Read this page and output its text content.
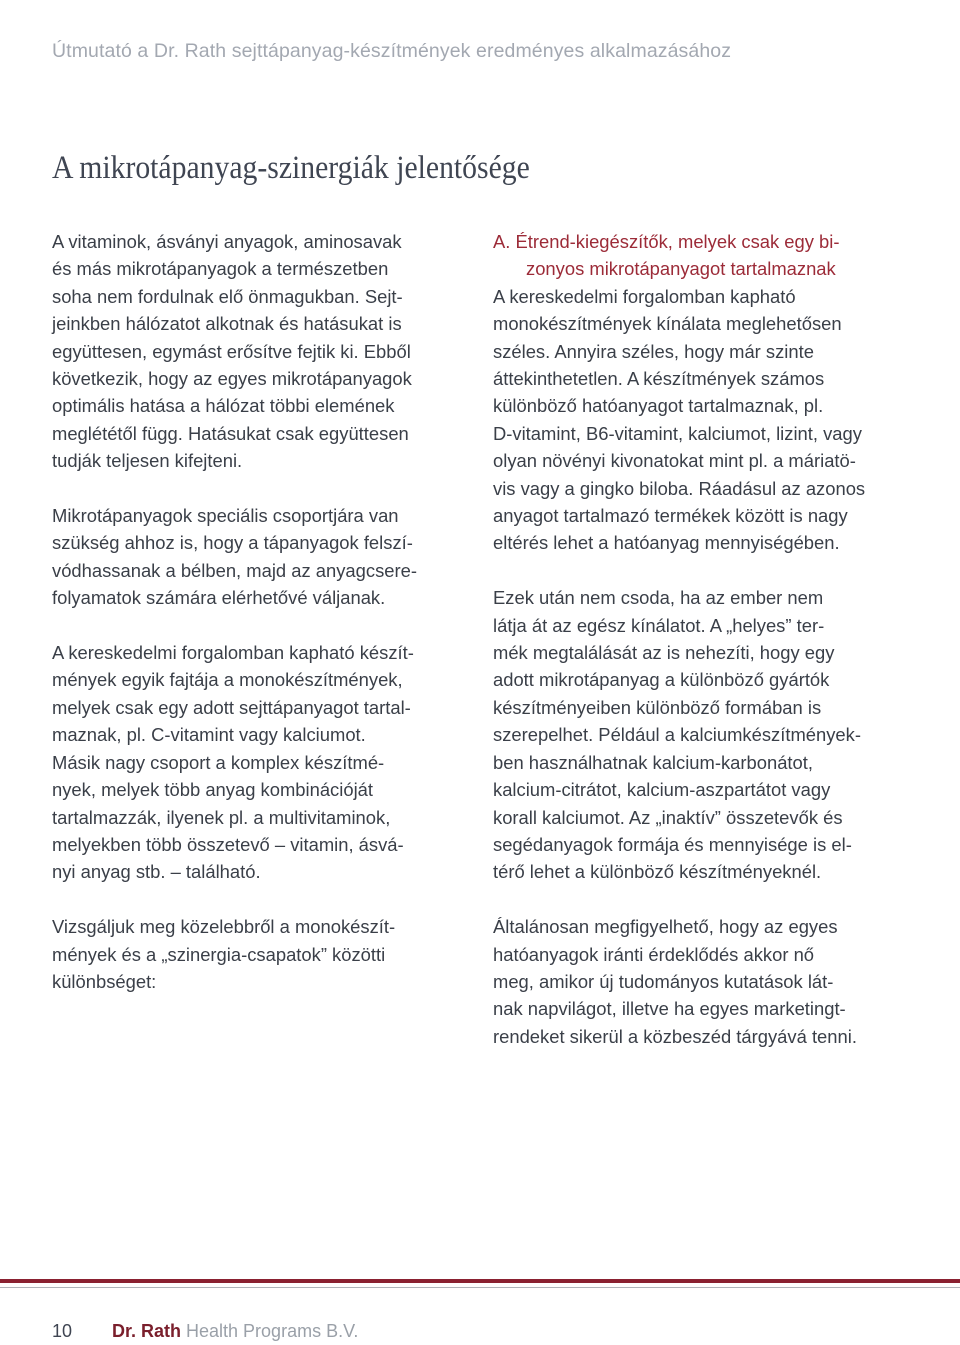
Útmutató a Dr. Rath sejttápanyag-készítmények eredményes alkalmazásához
A mikrotápanyag-szinergiák jelentősége

A vitaminok, ásványi anyagok, aminosavak
és más mikrotápanyagok a természetben
soha nem fordulnak elő önmagukban. Sejt-
jeinkben hálózatot alkotnak és hatásukat is
együttesen, egymást erősítve fejtik ki. Ebből
következik, hogy az egyes mikrotápanyagok
optimális hatása a hálózat többi elemének
meglététől függ. Hatásukat csak együttesen
tudják teljesen kifejteni.

Mikrotápanyagok speciális csoportjára van
szükség ahhoz is, hogy a tápanyagok felszí-
vódhassanak a bélben, majd az anyagcsere-
folyamatok számára elérhetővé váljanak.

A kereskedelmi forgalomban kapható készít-
mények egyik fajtája a monokészítmények,
melyek csak egy adott sejttápanyagot tartal-
maznak, pl. C-vitamint vagy kalciumot.
Másik nagy csoport a komplex készítmé-
nyek, melyek több anyag kombinációját
tartalmazzák, ilyenek pl. a multivitaminok,
melyekben több összetevő – vitamin, ásvá-
nyi anyag stb. – található.

Vizsgáljuk meg közelebbről a monokészít-
mények és a „szinergia-csapatok” közötti
különbséget:

A. Étrend-kiegészítők, melyek csak egy bi-
zonyos mikrotápanyagot tartalmaznak

A kereskedelmi forgalomban kapható
monokészítmények kínálata meglehetősen
széles. Annyira széles, hogy már szinte
áttekinthetetlen. A készítmények számos
különböző hatóanyagot tartalmaznak, pl.
D-vitamint, B6-vitamint, kalciumot, lizint, vagy
olyan növényi kivonatokat mint pl. a máriatö-
vis vagy a gingko biloba. Ráadásul az azonos
anyagot tartalmazó termékek között is nagy
eltérés lehet a hatóanyag mennyiségében.

Ezek után nem csoda, ha az ember nem
látja át az egész kínálatot. A „helyes” ter-
mék megtalálását az is nehezíti, hogy egy
adott mikrotápanyag a különböző gyártók
készítményeiben különböző formában is
szerepelhet. Például a kalciumkészítmények-
ben használhatnak kalcium-karbonátot,
kalcium-citrátot, kalcium-aszpartátot vagy
korall kalciumot. Az „inaktív” összetevők és
segédanyagok formája és mennyisége is el-
térő lehet a különböző készítményeknél.

Általánosan megfigyelhető, hogy az egyes
hatóanyagok iránti érdeklődés akkor nő
meg, amikor új tudományos kutatások lát-
nak napvilágot, illetve ha egyes marketingt-
rendeket sikerül a közbeszéd tárgyává tenni.

10 Dr. Rath Health Programs B.V.
